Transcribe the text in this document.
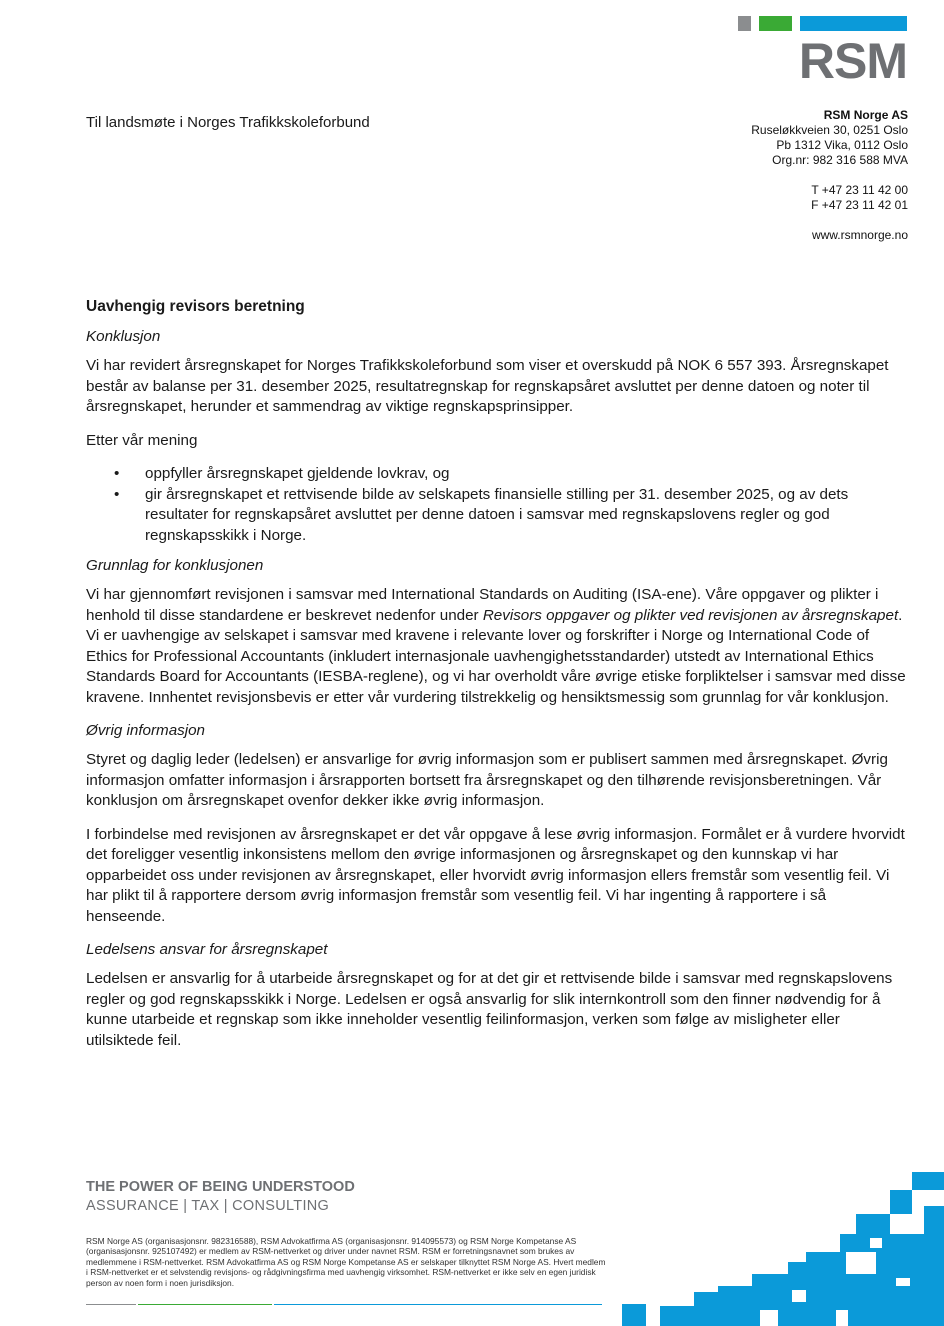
RSM
Til landsmøte i Norges Trafikkskoleforbund	RSM Norge AS
Ruseløkkveien 30, 0251 Oslo
Pb 1312 Vika, 0112 Oslo
Org.nr: 982 316 588 MVA
T +47 23 11 42 00
F +47 23 11 42 01
www.rsmnorge.no
Uavhengig revisors beretning
Konklusjon

Vi har revidert årsregnskapet for Norges Trafikkskoleforbund som viser et overskudd på NOK 6 557 393. Årsregnskapet består av balanse per 31. desember 2025, resultatregnskap for regnskapsåret avsluttet per denne datoen og noter til årsregnskapet, herunder et sammendrag av viktige regnskapsprinsipper.

Etter vår mening

• oppfyller årsregnskapet gjeldende lovkrav, og
• gir årsregnskapet et rettvisende bilde av selskapets finansielle stilling per 31. desember 2025, og av dets resultater for regnskapsåret avsluttet per denne datoen i samsvar med regnskapslovens regler og god regnskapsskikk i Norge.
Grunnlag for konklusjonen

Vi har gjennomført revisjonen i samsvar med International Standards on Auditing (ISA-ene). Våre oppgaver og plikter i henhold til disse standardene er beskrevet nedenfor under Revisors oppgaver og plikter ved revisjonen av årsregnskapet. Vi er uavhengige av selskapet i samsvar med kravene i relevante lover og forskrifter i Norge og International Code of Ethics for Professional Accountants (inkludert internasjonale uavhengighetsstandarder) utstedt av International Ethics Standards Board for Accountants (IESBA-reglene), og vi har overholdt våre øvrige etiske forpliktelser i samsvar med disse kravene. Innhentet revisjonsbevis er etter vår vurdering tilstrekkelig og hensiktsmessig som grunnlag for vår konklusjon.

Øvrig informasjon

Styret og daglig leder (ledelsen) er ansvarlige for øvrig informasjon som er publisert sammen med årsregnskapet. Øvrig informasjon omfatter informasjon i årsrapporten bortsett fra årsregnskapet og den tilhørende revisjonsberetningen. Vår konklusjon om årsregnskapet ovenfor dekker ikke øvrig informasjon.

I forbindelse med revisjonen av årsregnskapet er det vår oppgave å lese øvrig informasjon. Formålet er å vurdere hvorvidt det foreligger vesentlig inkonsistens mellom den øvrige informasjonen og årsregnskapet og den kunnskap vi har opparbeidet oss under revisjonen av årsregnskapet, eller hvorvidt øvrig informasjon ellers fremstår som vesentlig feil. Vi har plikt til å rapportere dersom øvrig informasjon fremstår som vesentlig feil. Vi har ingenting å rapportere i så henseende.

Ledelsens ansvar for årsregnskapet

Ledelsen er ansvarlig for å utarbeide årsregnskapet og for at det gir et rettvisende bilde i samsvar med regnskapslovens regler og god regnskapsskikk i Norge. Ledelsen er også ansvarlig for slik internkontroll som den finner nødvendig for å kunne utarbeide et regnskap som ikke inneholder vesentlig feilinformasjon, verken som følge av misligheter eller utilsiktede feil.

THE POWER OF BEING UNDERSTOOD
ASSURANCE | TAX | CONSULTING
RSM Norge AS (organisasjonsnr. 982316588), RSM Advokatfirma AS (organisasjonsnr. 914095573) og RSM Norge Kompetanse AS (organisasjonsnr. 925107492) er medlem av RSM-nettverket og driver under navnet RSM. RSM er forretningsnavnet som brukes av medlemmene i RSM-nettverket. RSM Advokatfirma AS og RSM Norge Kompetanse AS er selskaper tilknyttet RSM Norge AS. Hvert medlem i RSM-nettverket er et selvstendig revisjons- og rådgivningsfirma med uavhengig virksomhet. RSM-nettverket er ikke selv en egen juridisk person av noen form i noen jurisdiksjon.
